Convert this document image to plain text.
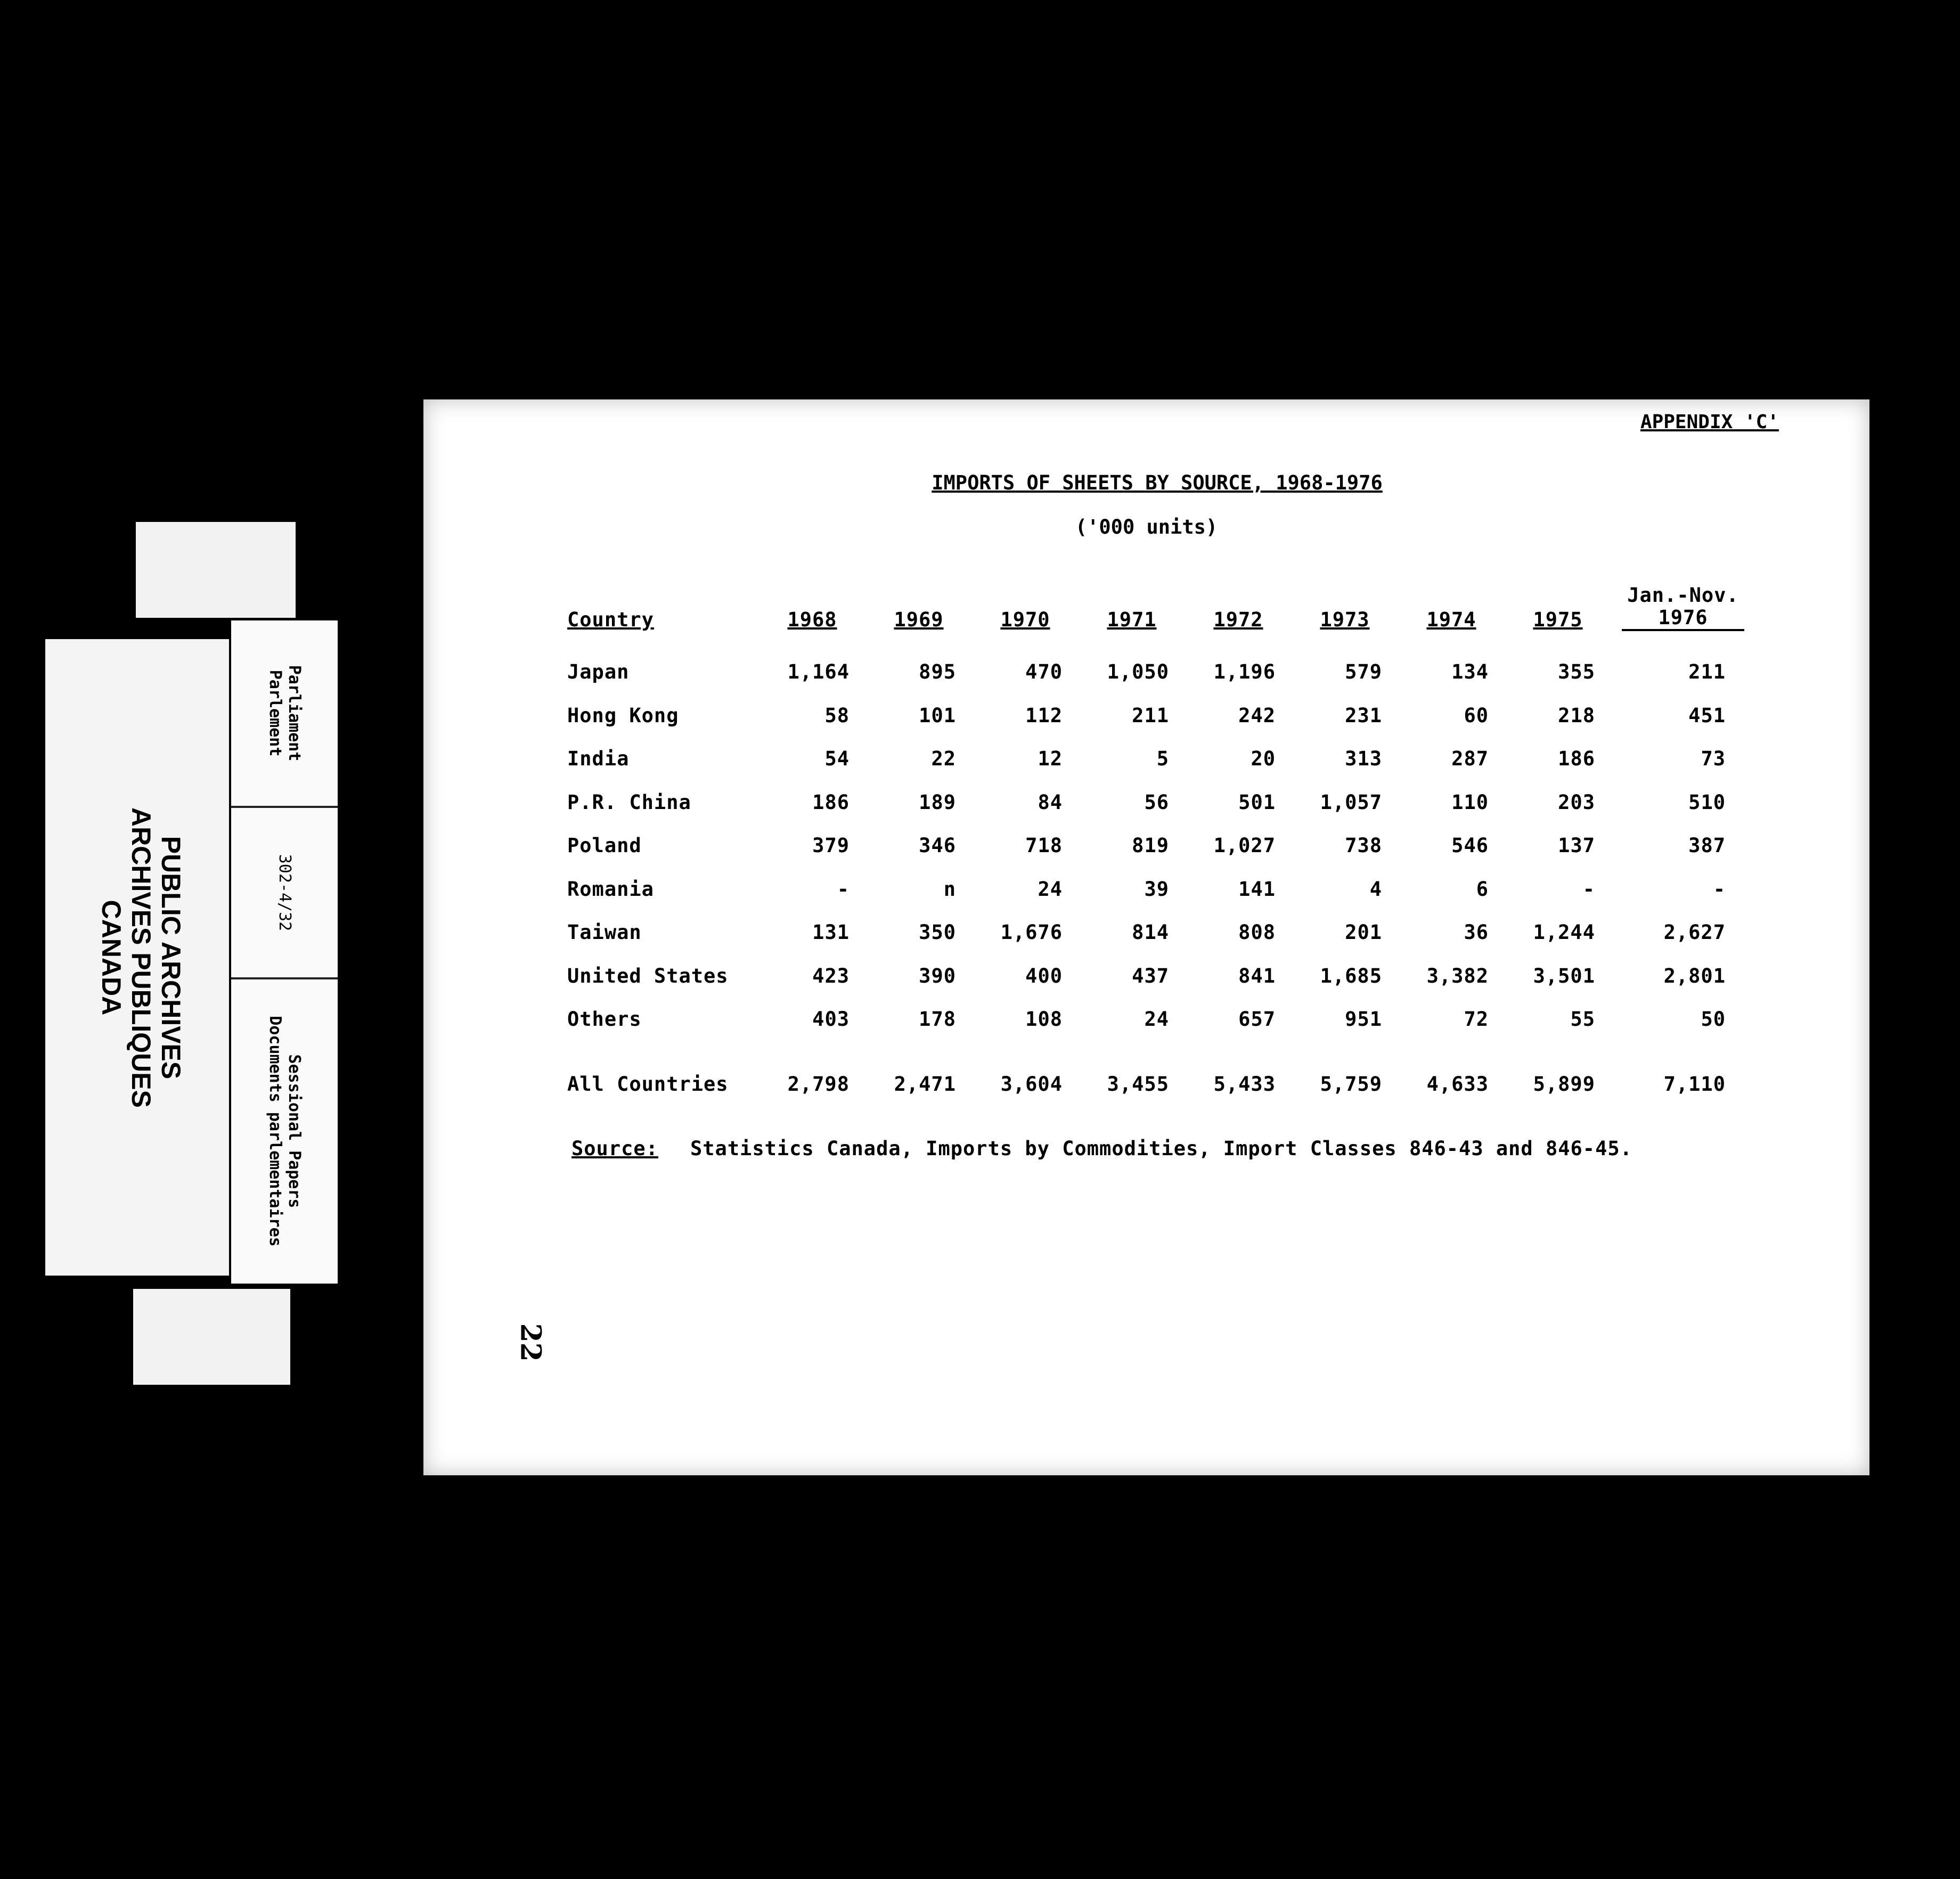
PUBLIC ARCHIVES
ARCHIVES PUBLIQUES
CANADA
Parliament
Parlement
302-4/32
Sessional Papers
Documents parlementaires
APPENDIX 'C'
IMPORTS OF SHEETS BY SOURCE, 1968-1976
('000 units)
Country	1968	1969	1970	1971	1972	1973	1974	1975	Jan.-Nov.
1976
Japan	1,164	895	470	1,050	1,196	579	134	355	211
Hong Kong	58	101	112	211	242	231	60	218	451
India	54	22	12	5	20	313	287	186	73
P.R. China	186	189	84	56	501	1,057	110	203	510
Poland	379	346	718	819	1,027	738	546	137	387
Romania	-	n	24	39	141	4	6	-	-
Taiwan	131	350	1,676	814	808	201	36	1,244	2,627
United States	423	390	400	437	841	1,685	3,382	3,501	2,801
Others	403	178	108	24	657	951	72	55	50

All Countries	2,798	2,471	3,604	3,455	5,433	5,759	4,633	5,899	7,110
Source: Statistics Canada, Imports by Commodities, Import Classes 846-43 and 846-45.
22
